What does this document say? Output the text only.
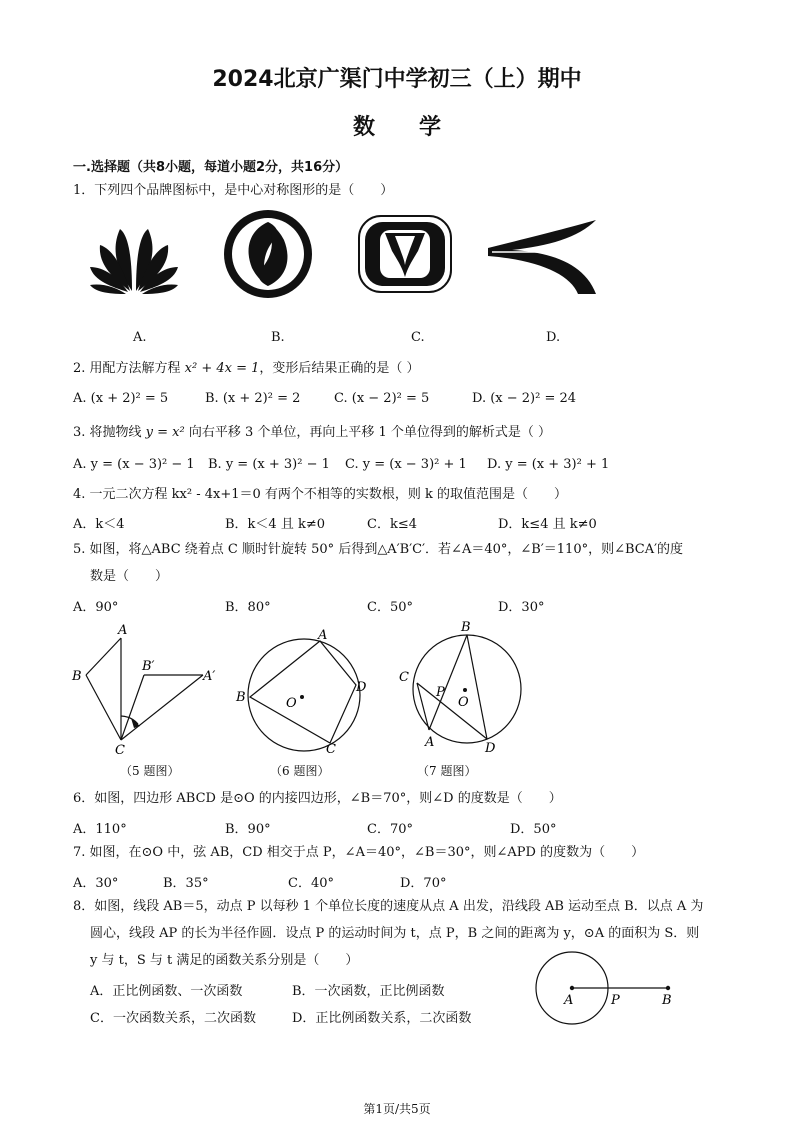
2024北京广渠门中学初三（上）期中
数　　学
一.选择题（共8小题，每道小题2分，共16分）
1．下列四个品牌图标中，是中心对称图形的是（　　）
A.	B.	C.	D.
2. 用配方法解方程 x² + 4x = 1，变形后结果正确的是（ ）
A. (x + 2)² = 5	B. (x + 2)² = 2	C. (x − 2)² = 5	D. (x − 2)² = 24
3. 将抛物线 y = x² 向右平移 3 个单位，再向上平移 1 个单位得到的解析式是（ ）
A. y = (x − 3)² − 1 B. y = (x + 3)² − 1 C. y = (x − 3)² + 1 D. y = (x + 3)² + 1
4. 一元二次方程 kx² - 4x+1＝0 有两个不相等的实数根，则 k 的取值范围是（　　）
A．k＜4	B．k＜4 且 k≠0	C．k≤4	D．k≤4 且 k≠0
5. 如图，将△ABC 绕着点 C 顺时针旋转 50° 后得到△A′B′C′．若∠A＝40°，∠B′＝110°，则∠BCA′的度
数是（　　）
A．90°	B．80°	C．50°	D．30°
A
B
B′
A′
C
（5 题图）
A
B	O
D
C
（6 题图）
B
C
P
O
A	D
（7 题图）
6．如图，四边形 ABCD 是⊙O 的内接四边形，∠B＝70°，则∠D 的度数是（　　）
A．110°	B．90°	C．70°	D．50°
7. 如图，在⊙O 中，弦 AB，CD 相交于点 P，∠A＝40°，∠B＝30°，则∠APD 的度数为（　　）
A．30°	B．35°	C．40°	D．70°
8．如图，线段 AB＝5，动点 P 以每秒 1 个单位长度的速度从点 A 出发，沿线段 AB 运动至点 B．以点 A 为
圆心，线段 AP 的长为半径作圆．设点 P 的运动时间为 t，点 P，B 之间的距离为 y，⊙A 的面积为 S．则
y 与 t，S 与 t 满足的函数关系分别是（　　）
A．正比例函数、一次函数	B．一次函数，正比例函数
C．一次函数关系，二次函数	D．正比例函数关系，二次函数
A	P	B
第1页/共5页
